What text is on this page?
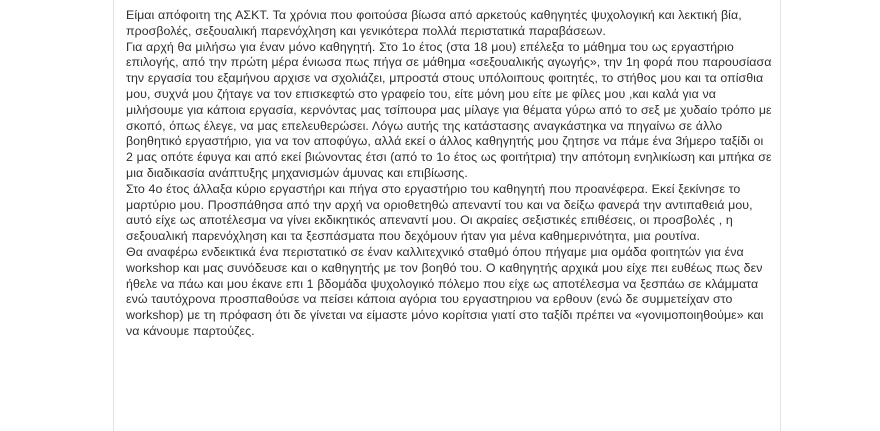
Είμαι απόφοιτη της ΑΣΚΤ. Τα χρόνια που φοιτούσα βίωσα από αρκετούς καθηγητές ψυχολογική και λεκτική βία, προσβολές, σεξουαλική παρενόχληση και γενικότερα πολλά περιστατικά παραβάσεων.

Για αρχή θα μιλήσω για έναν μόνο καθηγητή. Στο 1ο έτος (στα 18 μου) επέλεξα το μάθημα του ως εργαστήριο επιλογής, από την πρώτη μέρα ένιωσα πως πήγα σε μάθημα «σεξουαλικής αγωγής», την 1η φορά που παρουσίασα την εργασία του εξαμήνου αρχισε να σχολιάζει, μπροστά στους υπόλοιπους φοιτητές, το στήθος μου και τα οπίσθια μου, συχνά μου ζήταγε να τον επισκεφτώ στο γραφείο του, είτε μόνη μου είτε με φίλες μου ,και καλά για να μιλήσουμε για κάποια εργασία, κερνόντας μας τσίπουρα μας μίλαγε για θέματα γύρω από το σεξ με χυδαίο τρόπο με σκοπό, όπως έλεγε, να μας επελευθερώσει. Λόγω αυτής της κατάστασης αναγκάστηκα να πηγαίνω σε άλλο βοηθητικό εργαστήριο, για να τον αποφύγω, αλλά εκεί ο άλλος καθηγητής μου ζητησε να πάμε ένα 3ήμερο ταξίδι οι 2 μας οπότε έφυγα και από εκεί βιώνοντας έτσι (από το 1ο έτος ως φοιτήτρια) την απότομη ενηλικίωση και μπήκα σε μια διαδικασία ανάπτυξης μηχανισμών άμυνας και επιβίωσης.

Στο 4ο έτος άλλαξα κύριο εργαστήρι και πήγα στο εργαστήριο του καθηγητή που προανέφερα. Εκεί ξεκίνησε το μαρτύριο μου. Προσπάθησα από την αρχή να οριοθετηθώ απεναντί του και να δείξω φανερά την αντιπαθειά μου, αυτό είχε ως αποτέλεσμα να γίνει εκδικητικός απεναντί μου. Οι ακραίες σεξιστικές επιθέσεις, οι προσβολές , η σεξουαλική παρενόχληση και τα ξεσπάσματα που δεχόμουν ήταν για μένα καθημερινότητα, μια ρουτίνα.

Θα αναφέρω ενδεικτικά ένα περιστατικό σε έναν καλλιτεχνικό σταθμό όπου πήγαμε μια ομάδα φοιτητών για ένα workshop και μας συνόδευσε και ο καθηγητής με τον βοηθό του. Ο καθηγητής αρχικά μου είχε πει ευθέως πως δεν ήθελε να πάω και μου έκανε επι 1 βδομάδα ψυχολογικό πόλεμο που είχε ως αποτέλεσμα να ξεσπάω σε κλάμματα ενώ ταυτόχρονα προσπαθούσε να πείσει κάποια αγόρια του εργαστηριου να ερθουν (ενώ δε συμμετείχαν στο workshop) με τη πρόφαση ότι δε γίνεται να είμαστε μόνο κορίτσια γιατί στο ταξίδι πρέπει να «γονιμοποιηθούμε» και να κάνουμε παρτούζες.
